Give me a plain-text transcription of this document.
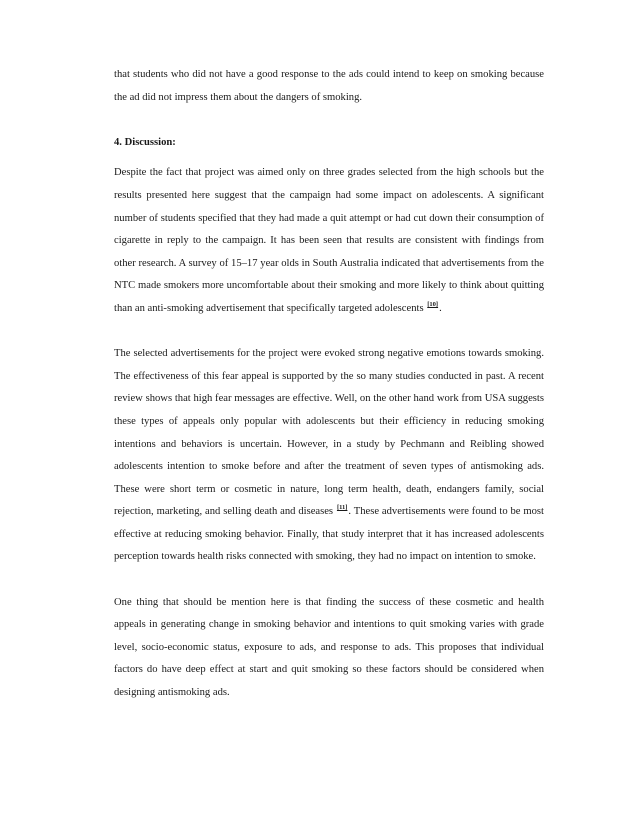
that students who did not have a good response to the ads could intend to keep on smoking because the ad did not impress them about the dangers of smoking.

4. Discussion:

Despite the fact that project was aimed only on three grades selected from the high schools but the results presented here suggest that the campaign had some impact on adolescents. A significant number of students specified that they had made a quit attempt or had cut down their consumption of cigarette in reply to the campaign. It has been seen that results are consistent with findings from other research. A survey of 15–17 year olds in South Australia indicated that advertisements from the NTC made smokers more uncomfortable about their smoking and more likely to think about quitting than an anti-smoking advertisement that specifically targeted adolescents [10].

The selected advertisements for the project were evoked strong negative emotions towards smoking. The effectiveness of this fear appeal is supported by the so many studies conducted in past. A recent review shows that high fear messages are effective. Well, on the other hand work from USA suggests these types of appeals only popular with adolescents but their efficiency in reducing smoking intentions and behaviors is uncertain. However, in a study by Pechmann and Reibling showed adolescents intention to smoke before and after the treatment of seven types of antismoking ads. These were short term or cosmetic in nature, long term health, death, endangers family, social rejection, marketing, and selling death and diseases [11]. These advertisements were found to be most effective at reducing smoking behavior. Finally, that study interpret that it has increased adolescents perception towards health risks connected with smoking, they had no impact on intention to smoke.

One thing that should be mention here is that finding the success of these cosmetic and health appeals in generating change in smoking behavior and intentions to quit smoking varies with grade level, socio-economic status, exposure to ads, and response to ads. This proposes that individual factors do have deep effect at start and quit smoking so these factors should be considered when designing antismoking ads.
